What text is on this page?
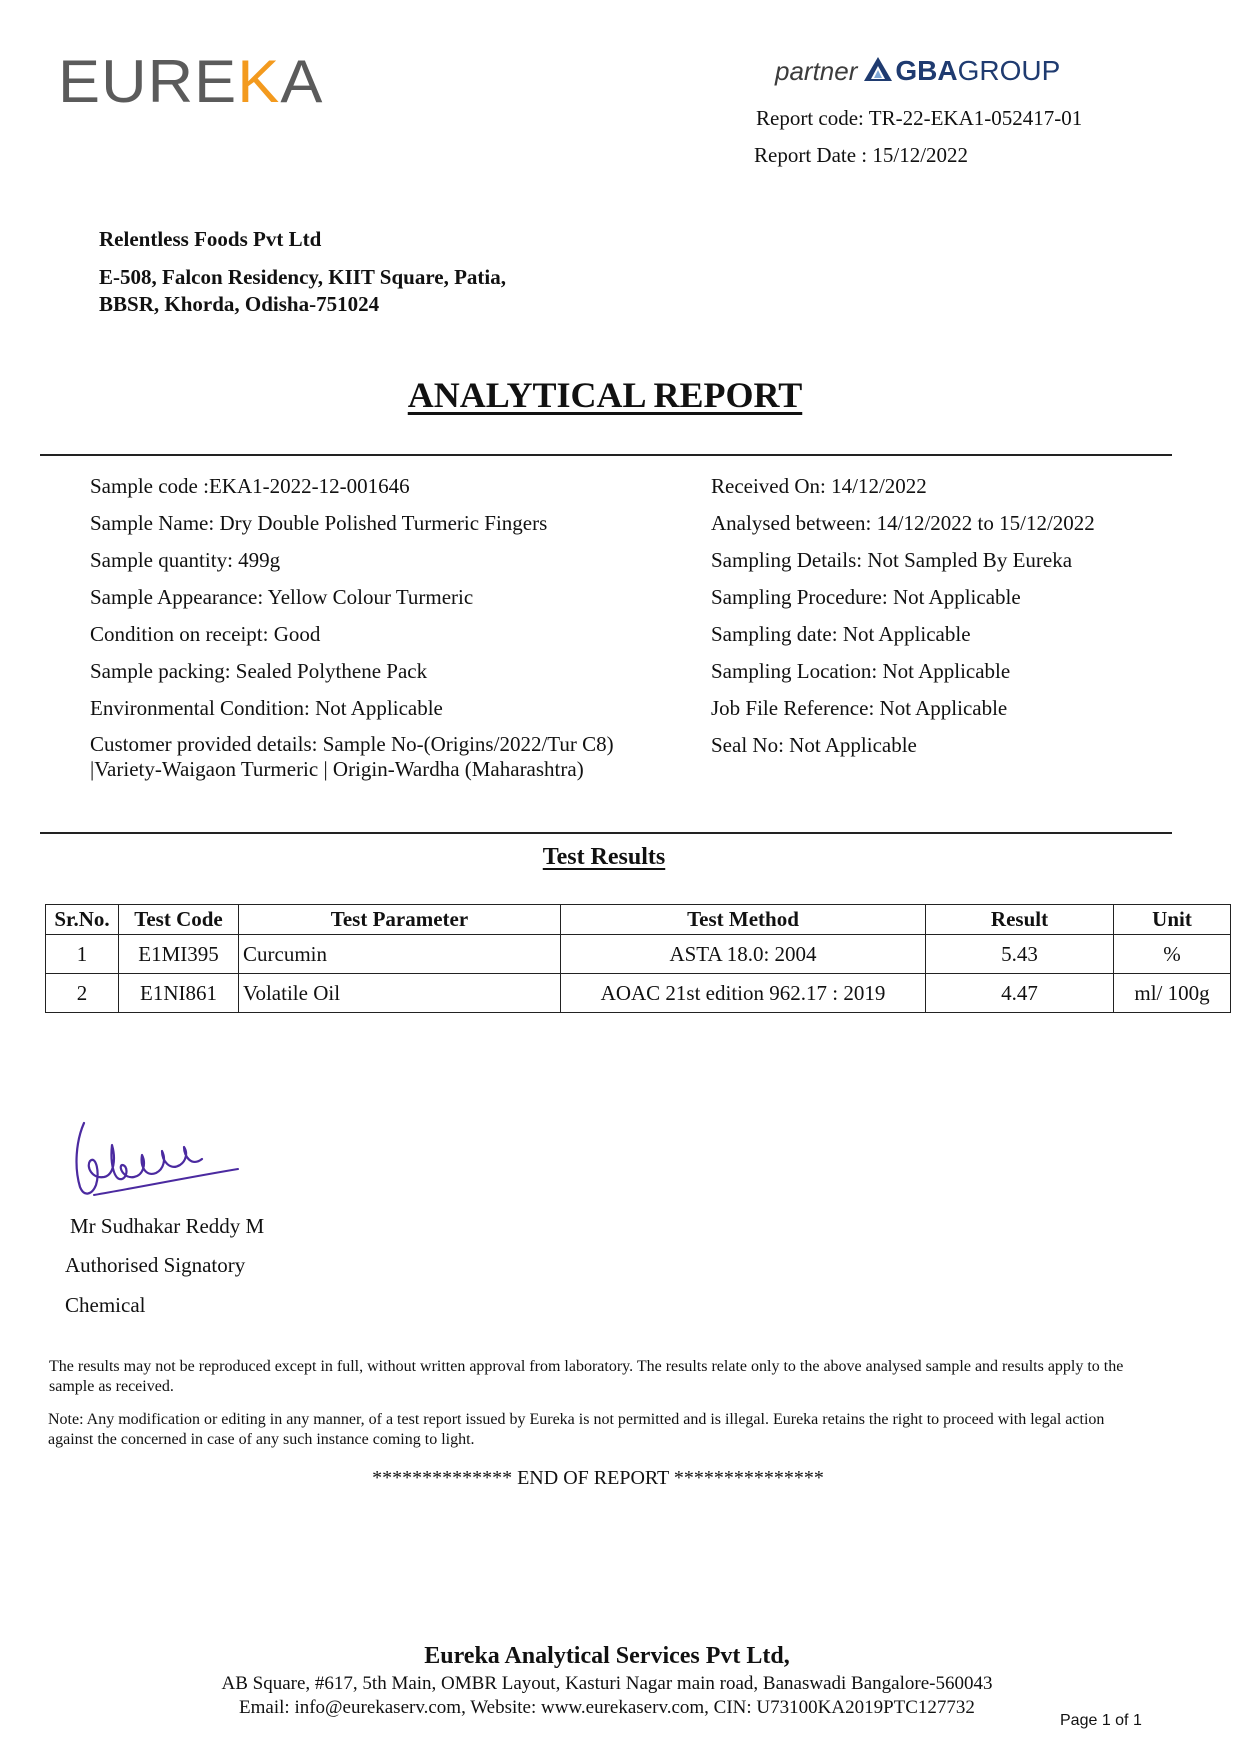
EUREKA	partner GBAGROUP
Report code: TR-22-EKA1-052417-01
Report Date : 15/12/2022
Relentless Foods Pvt Ltd
E-508, Falcon Residency, KIIT Square, Patia,
BBSR, Khorda, Odisha-751024
ANALYTICAL REPORT
Sample code :EKA1-2022-12-001646
Sample Name: Dry Double Polished Turmeric Fingers
Sample quantity: 499g
Sample Appearance: Yellow Colour Turmeric
Condition on receipt: Good
Sample packing: Sealed Polythene Pack
Environmental Condition: Not Applicable
Customer provided details: Sample No-(Origins/2022/Tur C8) |Variety-Waigaon Turmeric | Origin-Wardha (Maharashtra)
Received On: 14/12/2022
Analysed between: 14/12/2022 to 15/12/2022
Sampling Details: Not Sampled By Eureka
Sampling Procedure: Not Applicable
Sampling date: Not Applicable
Sampling Location: Not Applicable
Job File Reference: Not Applicable
Seal No: Not Applicable
Test Results
Sr.No.	Test Code	Test Parameter	Test Method	Result	Unit
1	E1MI395	Curcumin	ASTA 18.0: 2004	5.43	%
2	E1NI861	Volatile Oil	AOAC 21st edition 962.17 : 2019	4.47	ml/ 100g
Mr Sudhakar Reddy M
Authorised Signatory
Chemical
The results may not be reproduced except in full, without written approval from laboratory. The results relate only to the above analysed sample and results apply to the sample as received.
Note: Any modification or editing in any manner, of a test report issued by Eureka is not permitted and is illegal. Eureka retains the right to proceed with legal action against the concerned in case of any such instance coming to light.
************** END OF REPORT ***************
Eureka Analytical Services Pvt Ltd,
AB Square, #617, 5th Main, OMBR Layout, Kasturi Nagar main road, Banaswadi Bangalore-560043
Email: info@eurekaserv.com, Website: www.eurekaserv.com, CIN: U73100KA2019PTC127732
Page 1 of 1
